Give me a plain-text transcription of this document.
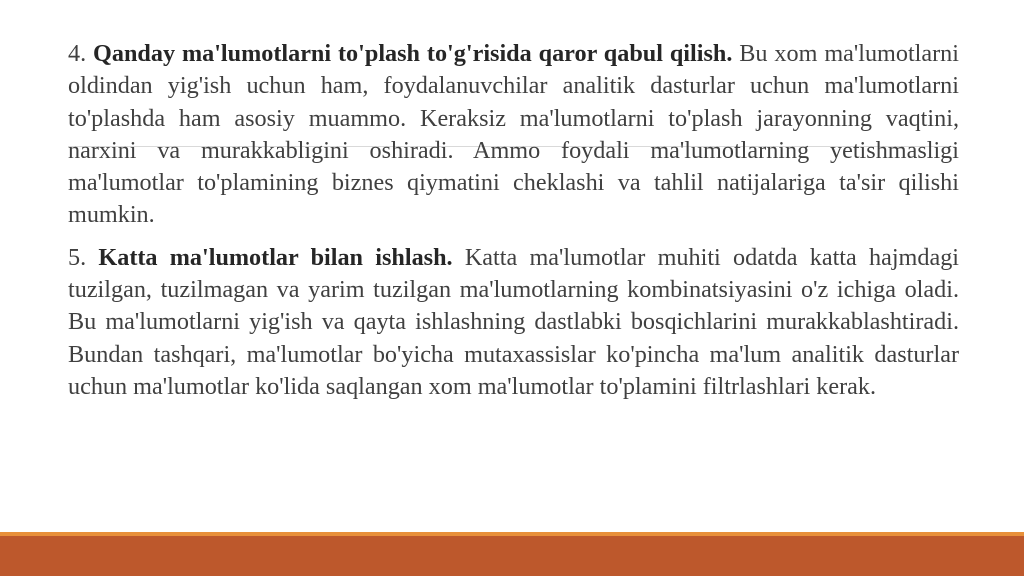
4. Qanday ma'lumotlarni to'plash to'g'risida qaror qabul qilish. Bu xom ma'lumotlarni oldindan yig'ish uchun ham, foydalanuvchilar analitik dasturlar uchun ma'lumotlarni to'plashda ham asosiy muammo. Keraksiz ma'lumotlarni to'plash jarayonning vaqtini, narxini va murakkabligini oshiradi. Ammo foydali ma'lumotlarning yetishmasligi ma'lumotlar to'plamining biznes qiymatini cheklashi va tahlil natijalariga ta'sir qilishi mumkin.

5. Katta ma'lumotlar bilan ishlash. Katta ma'lumotlar muhiti odatda katta hajmdagi tuzilgan, tuzilmagan va yarim tuzilgan ma'lumotlarning kombinatsiyasini o'z ichiga oladi. Bu ma'lumotlarni yig'ish va qayta ishlashning dastlabki bosqichlarini murakkablashtiradi. Bundan tashqari, ma'lumotlar bo'yicha mutaxassislar ko'pincha ma'lum analitik dasturlar uchun ma'lumotlar ko'lida saqlangan xom ma'lumotlar to'plamini filtrlashlari kerak.
